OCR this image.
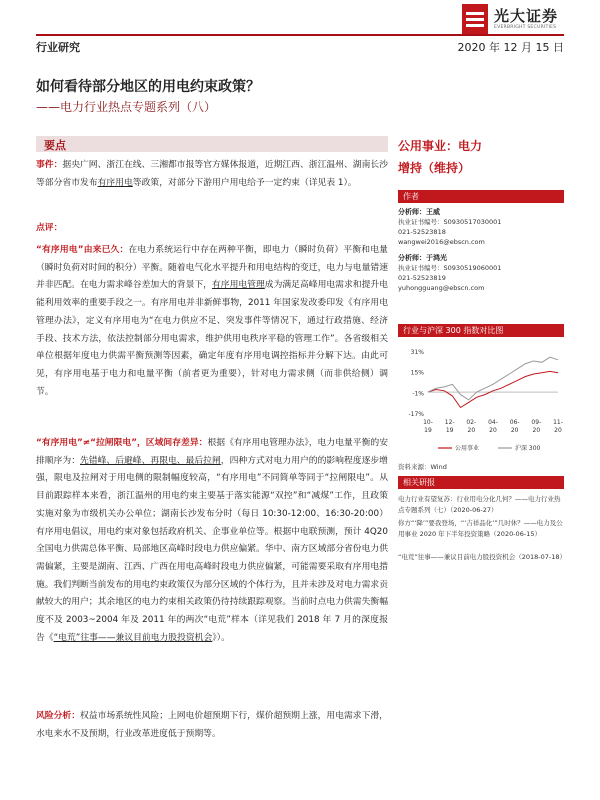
光大证券
EVERBRIGHT SECURITIES
行业研究	2020 年 12 月 15 日
如何看待部分地区的用电约束政策？
——电力行业热点专题系列（八）
要点
事件：据央广网、浙江在线、三湘都市报等官方媒体报道，近期江西、浙江温州、湖南长沙等部分省市发布有序用电等政策，对部分下游用户用电给予一定约束（详见表 1）。
点评：
“有序用电”由来已久：在电力系统运行中存在两种平衡，即电力（瞬时负荷）平衡和电量（瞬时负荷对时间的积分）平衡。随着电气化水平提升和用电结构的变迁，电力与电量错速并非匹配。在电力需求峰谷差加大的背景下，有序用电管理成为满足高峰用电需求和提升电能利用效率的重要手段之一。有序用电并非新鲜事物，2011 年国家发改委印发《有序用电管理办法》，定义有序用电为“在电力供应不足、突发事件等情况下，通过行政措施、经济手段、技术方法，依法控制部分用电需求，维护供用电秩序平稳的管理工作”。各省级相关单位根据年度电力供需平衡预测等因素，确定年度有序用电调控指标并分解下达。由此可见，有序用电基于电力和电量平衡（前者更为重要），针对电力需求侧（而非供给侧）调节。
“有序用电”≠“拉闸限电”，区域间存差异：根据《有序用电管理办法》，电力电量平衡的安排顺序为：先错峰、后避峰、再限电、最后拉闸，四种方式对电力用户的的影响程度逐步增强，限电及拉闸对于用电侧的限制幅度较高，“有序用电”不同简单等同于“拉闸限电”。从目前跟踪样本来看，浙江温州的用电约束主要基于落实能源“双控”和“减煤”工作，且政策实施对象为市级机关办公单位；湖南长沙发布分时（每日 10:30-12:00、16:30-20:00）有序用电倡议，用电约束对象包括政府机关、企事业单位等。根据中电联预测，预计 4Q20 全国电力供需总体平衡、局部地区高峰时段电力供应偏紧。华中、南方区域部分省份电力供需偏紧，主要是湖南、江西、广西在用电高峰时段电力供应偏紧，可能需要采取有序用电措施。我们判断当前发布的用电约束政策仅为部分区域的个体行为，且并未涉及对电力需求贡献较大的用户；其余地区的电力约束相关政策仍待持续跟踪观察。当前时点电力供需失衡幅度不及 2003~2004 年及 2011 年的两次“电荒”样本（详见我们 2018 年 7 月的深度报告《“电荒”往事——兼议目前电力股投资机会》）。
风险分析：权益市场系统性风险；上网电价超预期下行，煤价超预期上涨，用电需求下滑，水电来水不及预期，行业改革进度低于预期等。
公用事业：电力
增持（维持）
作者
分析师：王威
执业证书编号：S0930517030001
021-52523818
wangwei2016@ebscn.com
分析师：于鸿光
执业证书编号：S0930519060001
021-52523819
yuhongguang@ebscn.com
行业与沪深 300 指数对比图
31%
15%
-1%
-17%
10-
19
12-
19
02-
20
04-
20
06-
20
09-
20
11-
20
公用事业	沪深 300
资料来源：Wind
相关研报
电力行业有望复苏：行业用电分化几何？——电力行业热点专题系列（七）（2020-06-27）
你方“‘降’”要我登场，“‘吉祥品化’”几时休？——电力及公用事业 2020 年下半年投资策略（2020-06-15）
“电荒”往事——兼议目前电力股投资机会（2018-07-18）
